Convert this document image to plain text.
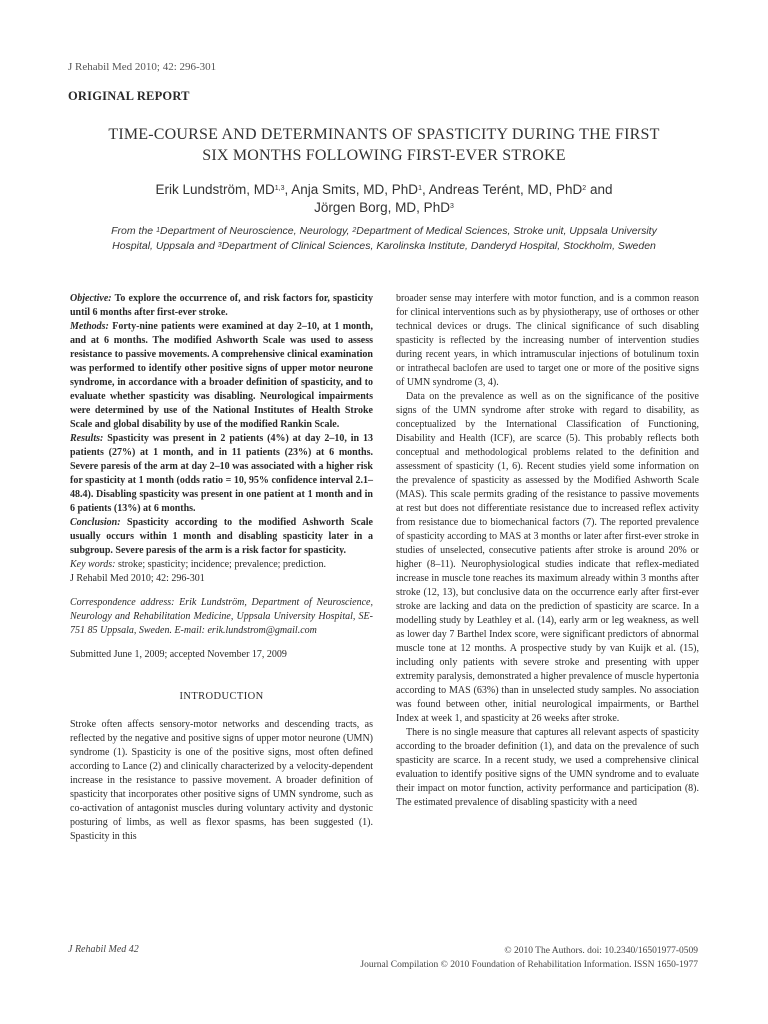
J Rehabil Med 2010; 42: 296-301
ORIGINAL REPORT
TIME-COURSE AND DETERMINANTS OF SPASTICITY DURING THE FIRST
SIX MONTHS FOLLOWING FIRST-EVER STROKE
Erik Lundström, MD$^{1,3}$, Anja Smits, MD, PhD$^1$, Andreas Terént, MD, PhD$^2$ and
Jörgen Borg, MD, PhD$^3$
From the $^1$Department of Neuroscience, Neurology, $^2$Department of Medical Sciences, Stroke unit, Uppsala University
Hospital, Uppsala and $^3$Department of Clinical Sciences, Karolinska Institute, Danderyd Hospital, Stockholm, Sweden

Objective: To explore the occurrence of, and risk factors for, spasticity until 6 months after first-ever stroke.

Methods: Forty-nine patients were examined at day 2–10, at 1 month, and at 6 months. The modified Ashworth Scale was used to assess resistance to passive movements. A comprehensive clinical examination was performed to identify other positive signs of upper motor neurone syndrome, in accordance with a broader definition of spasticity, and to evaluate whether spasticity was disabling. Neurological impairments were determined by use of the National Institutes of Health Stroke Scale and global disability by use of the modified Rankin Scale.

Results: Spasticity was present in 2 patients (4%) at day 2–10, in 13 patients (27%) at 1 month, and in 11 patients (23%) at 6 months. Severe paresis of the arm at day 2–10 was associated with a higher risk for spasticity at 1 month (odds ratio = 10, 95% confidence interval 2.1–48.4). Disabling spasticity was present in one patient at 1 month and in 6 patients (13%) at 6 months.

Conclusion: Spasticity according to the modified Ashworth Scale usually occurs within 1 month and disabling spasticity later in a subgroup. Severe paresis of the arm is a risk factor for spasticity.

Key words: stroke; spasticity; incidence; prevalence; prediction.

J Rehabil Med 2010; 42: 296-301

Correspondence address: Erik Lundström, Department of Neuroscience, Neurology and Rehabilitation Medicine, Uppsala University Hospital, SE-751 85 Uppsala, Sweden. E-mail: erik.lundstrom@gmail.com

Submitted June 1, 2009; accepted November 17, 2009

INTRODUCTION

Stroke often affects sensory-motor networks and descending tracts, as reflected by the negative and positive signs of upper motor neurone (UMN) syndrome (1). Spasticity is one of the positive signs, most often defined according to Lance (2) and clinically characterized by a velocity-dependent increase in the resistance to passive movement. A broader definition of spasticity that incorporates other positive signs of UMN syndrome, such as co-activation of antagonist muscles during voluntary activity and dystonic posturing of limbs, as well as flexor spasms, has been suggested (1). Spasticity in this

broader sense may interfere with motor function, and is a common reason for clinical interventions such as by physiotherapy, use of orthoses or other technical devices or drugs. The clinical significance of such disabling spasticity is reflected by the increasing number of intervention studies during recent years, in which intramuscular injections of botulinum toxin or intrathecal baclofen are used to target one or more of the positive signs of UMN syndrome (3, 4).

Data on the prevalence as well as on the significance of the positive signs of the UMN syndrome after stroke with regard to disability, as conceptualized by the International Classification of Functioning, Disability and Health (ICF), are scarce (5). This probably reflects both conceptual and methodological problems related to the definition and assessment of spasticity (1, 6). Recent studies yield some information on the prevalence of spasticity as assessed by the Modified Ashworth Scale (MAS). This scale permits grading of the resistance to passive movements at rest but does not differentiate resistance due to increased reflex activity from resistance due to biomechanical factors (7). The reported prevalence of spasticity according to MAS at 3 months or later after first-ever stroke in studies of unselected, consecutive patients after stroke is around 20% or higher (8–11). Neurophysiological studies indicate that reflex-mediated increase in muscle tone reaches its maximum already within 3 months after stroke (12, 13), but conclusive data on the occurrence early after first-ever stroke are lacking and data on the prediction of spasticity are scarce. In a modelling study by Leathley et al. (14), early arm or leg weakness, as well as lower day 7 Barthel Index score, were significant predictors of abnormal muscle tone at 12 months. A prospective study by van Kuijk et al. (15), including only patients with severe stroke and presenting with upper extremity paralysis, demonstrated a higher prevalence of muscle hypertonia according to MAS (63%) than in unselected study samples. No association was found between other, initial neurological impairments, or Barthel Index at week 1, and spasticity at 26 weeks after stroke.

There is no single measure that captures all relevant aspects of spasticity according to the broader definition (1), and data on the prevalence of such spasticity are scarce. In a recent study, we used a comprehensive clinical evaluation to identify positive signs of the UMN syndrome and to evaluate their impact on motor function, activity performance and participation (8). The estimated prevalence of disabling spasticity with a need

J Rehabil Med 42	© 2010 The Authors. doi: 10.2340/16501977-0509
Journal Compilation © 2010 Foundation of Rehabilitation Information. ISSN 1650-1977
